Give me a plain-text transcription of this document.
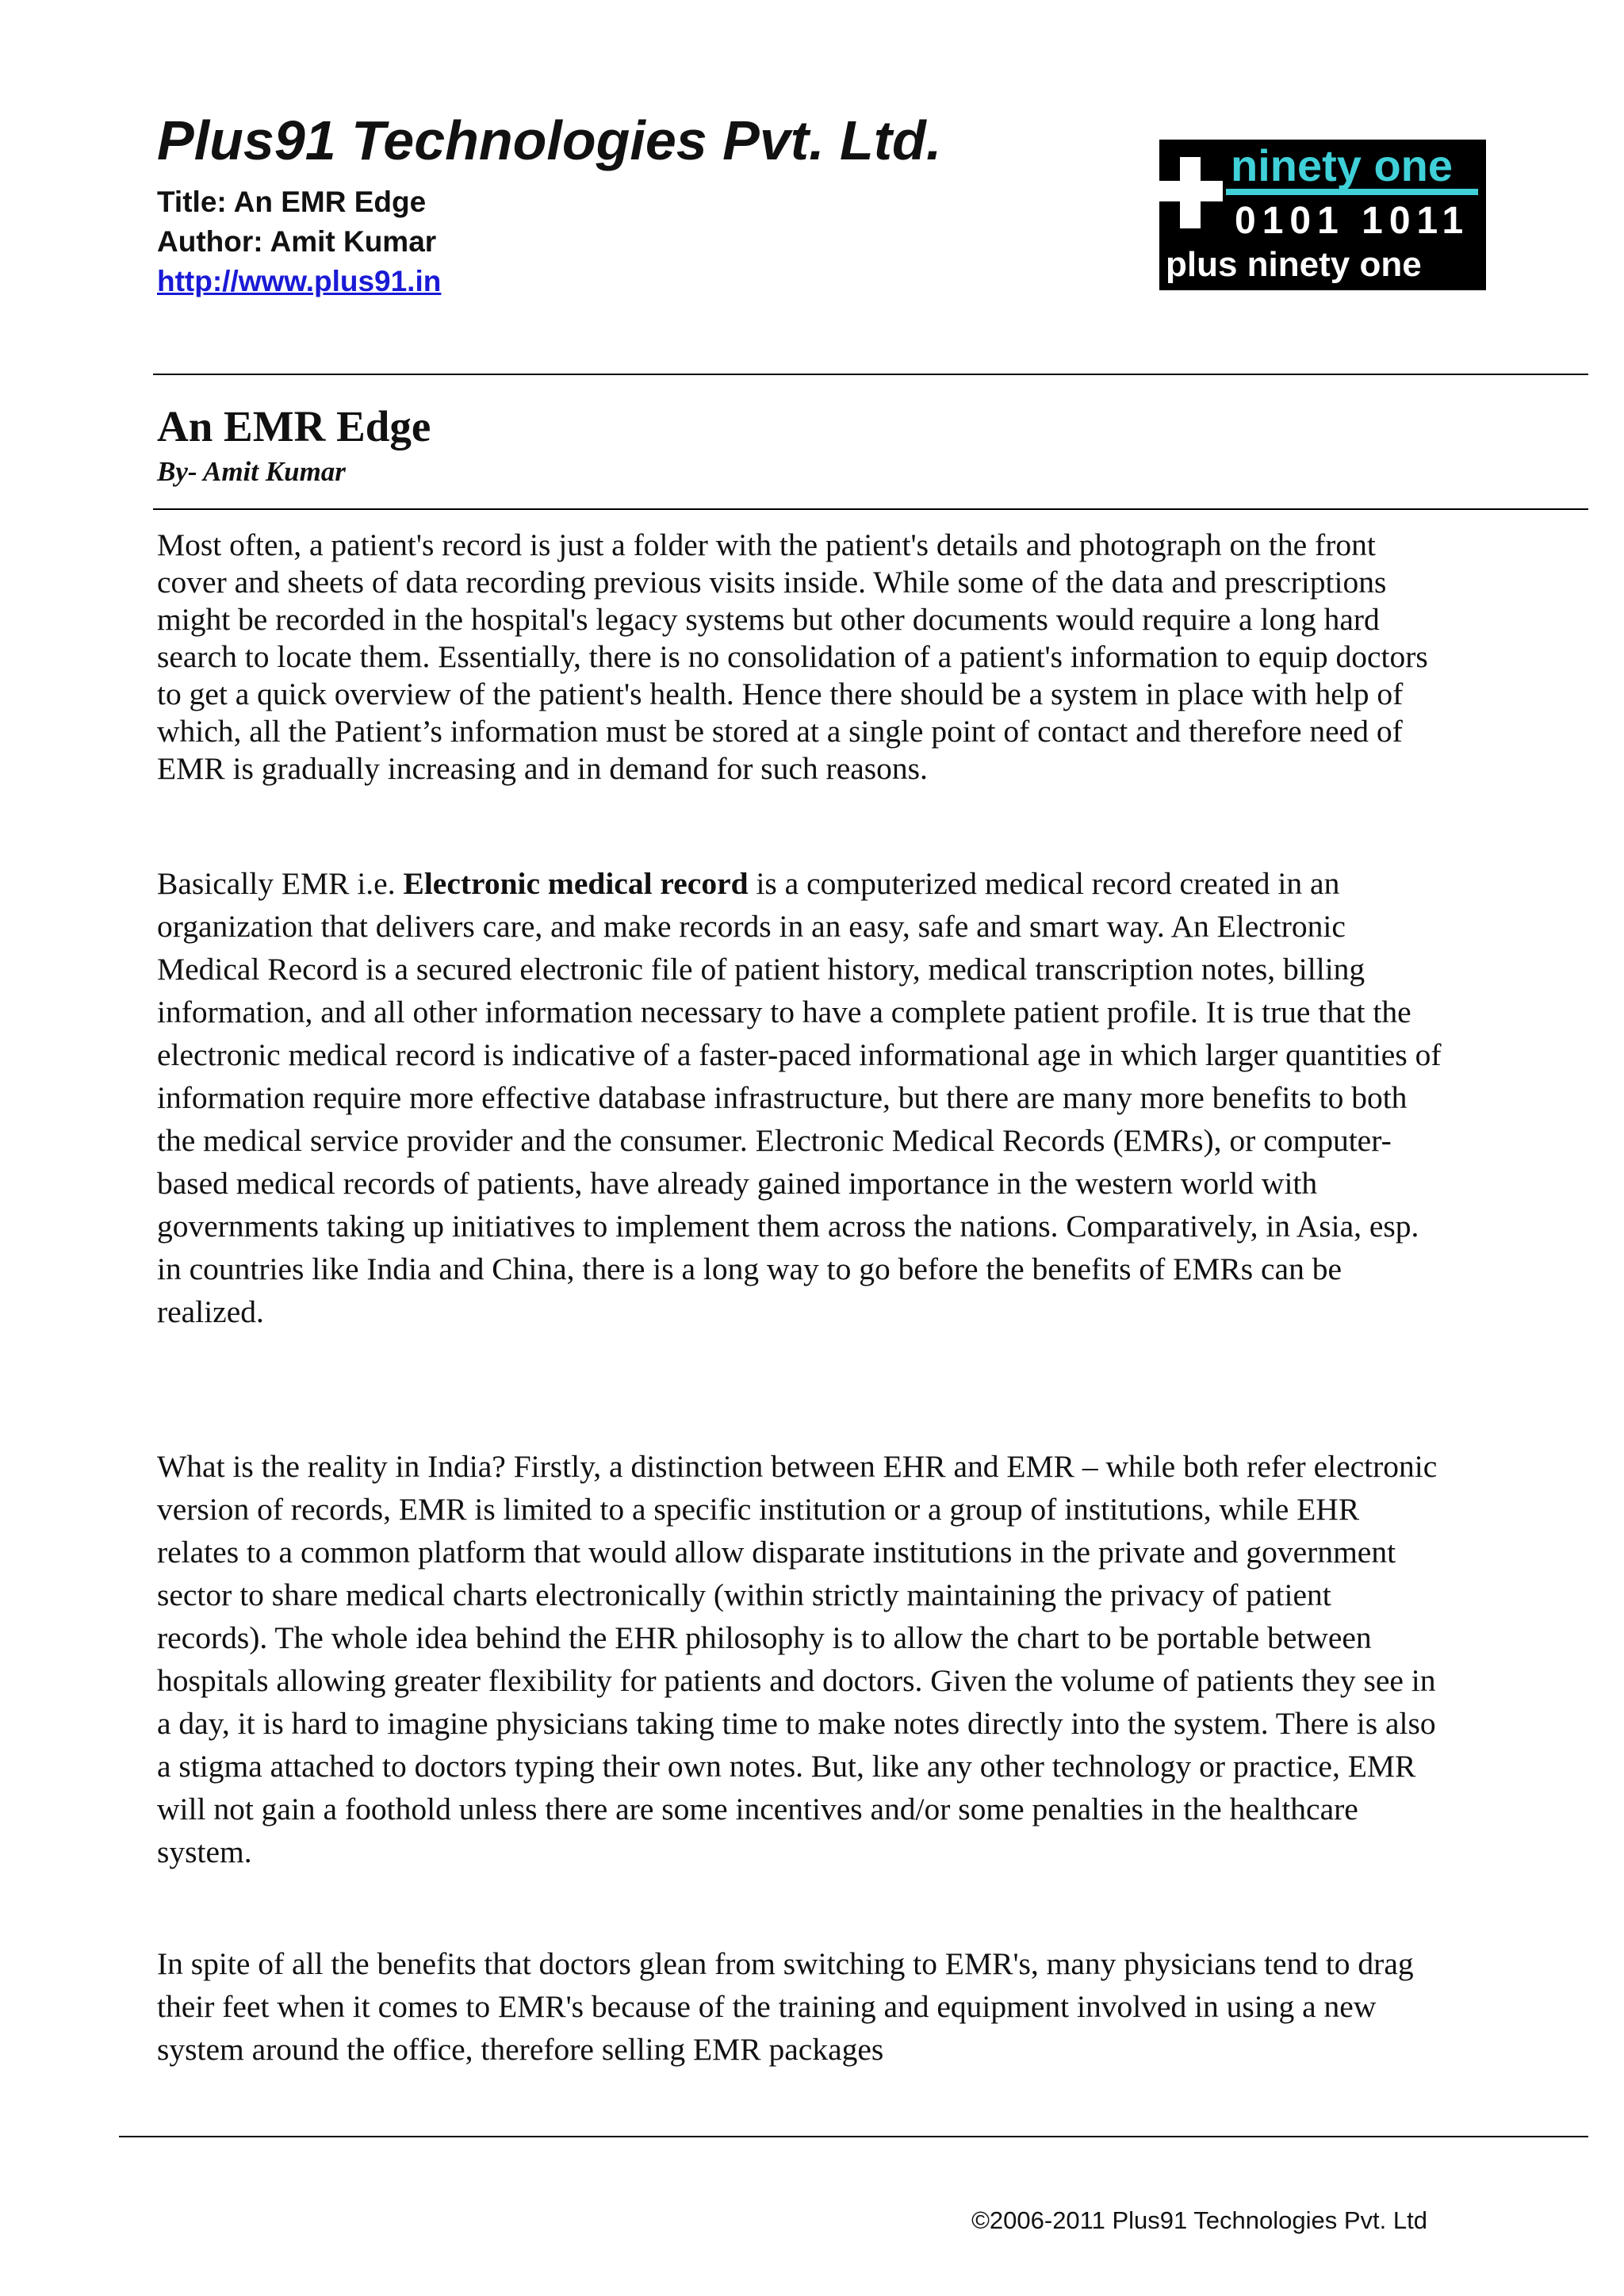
Plus91 Technologies Pvt. Ltd.
Title: An EMR Edge
Author: Amit Kumar
http://www.plus91.in
ninety one
0101 1011
plus ninety one
An EMR Edge

By- Amit Kumar

Most often, a patient's record is just a folder with the patient's details and photograph on the front cover and sheets of data recording previous visits inside. While some of the data and prescriptions might be recorded in the hospital's legacy systems but other documents would require a long hard search to locate them. Essentially, there is no consolidation of a patient's information to equip doctors to get a quick overview of the patient's health. Hence there should be a system in place with help of which, all the Patient’s information must be stored at a single point of contact and therefore need of EMR is gradually increasing and in demand for such reasons.

Basically EMR i.e. Electronic medical record is a computerized medical record created in an organization that delivers care, and make records in an easy, safe and smart way. An Electronic Medical Record is a secured electronic file of patient history, medical transcription notes, billing information, and all other information necessary to have a complete patient profile. It is true that the electronic medical record is indicative of a faster-paced informational age in which larger quantities of information require more effective database infrastructure, but there are many more benefits to both the medical service provider and the consumer. Electronic Medical Records (EMRs), or computer-based medical records of patients, have already gained importance in the western world with governments taking up initiatives to implement them across the nations. Comparatively, in Asia, esp. in countries like India and China, there is a long way to go before the benefits of EMRs can be realized.

What is the reality in India? Firstly, a distinction between EHR and EMR – while both refer electronic version of records, EMR is limited to a specific institution or a group of institutions, while EHR relates to a common platform that would allow disparate institutions in the private and government sector to share medical charts electronically (within strictly maintaining the privacy of patient records). The whole idea behind the EHR philosophy is to allow the chart to be portable between hospitals allowing greater flexibility for patients and doctors. Given the volume of patients they see in a day, it is hard to imagine physicians taking time to make notes directly into the system. There is also a stigma attached to doctors typing their own notes. But, like any other technology or practice, EMR will not gain a foothold unless there are some incentives and/or some penalties in the healthcare system.

In spite of all the benefits that doctors glean from switching to EMR's, many physicians tend to drag their feet when it comes to EMR's because of the training and equipment involved in using a new system around the office, therefore selling EMR packages

©2006-2011 Plus91 Technologies Pvt. Ltd
